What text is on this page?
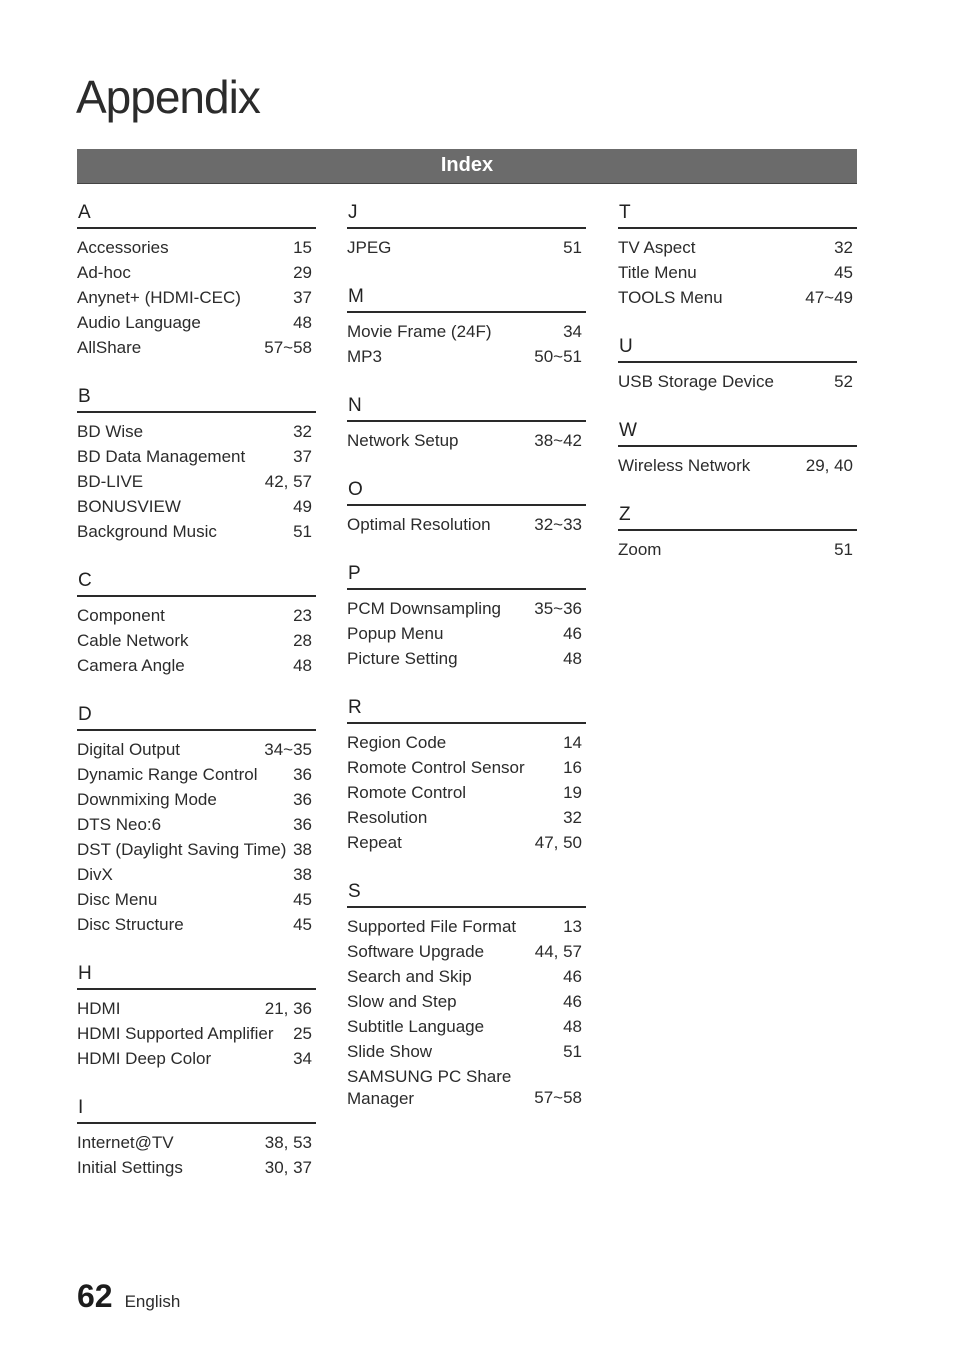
Appendix
Index
A
Accessories	15
Ad-hoc	29
Anynet+ (HDMI-CEC)	37
Audio Language	48
AllShare	57~58
B
BD Wise	32
BD Data Management	37
BD-LIVE	42, 57
BONUSVIEW	49
Background Music	51
C
Component	23
Cable Network	28
Camera Angle	48
D
Digital Output	34~35
Dynamic Range Control 36
Downmixing Mode	36
DTS Neo:6	36
DST (Daylight Saving Time) 38
DivX	38
Disc Menu	45
Disc Structure	45
H
HDMI	21, 36
HDMI Supported Amplifier 25
HDMI Deep Color	34
I
Internet@TV	38, 53
Initial Settings	30, 37
J
JPEG	51
M
Movie Frame (24F)	34
MP3	50~51
N
Network Setup	38~42
O
Optimal Resolution	32~33
P
PCM Downsampling 35~36
Popup Menu	46
Picture Setting	48
R
Region Code	14
Romote Control Sensor 16
Romote Control	19
Resolution	32
Repeat	47, 50
S
Supported File Format	13
Software Upgrade	44, 57
Search and Skip	46
Slow and Step	46
Subtitle Language	48
Slide Show	51
SAMSUNG PC Share Manager	57~58
T
TV Aspect	32
Title Menu	45
TOOLS Menu	47~49
U
USB Storage Device	52
W
Wireless Network	29, 40
Z
Zoom	51
62 English
